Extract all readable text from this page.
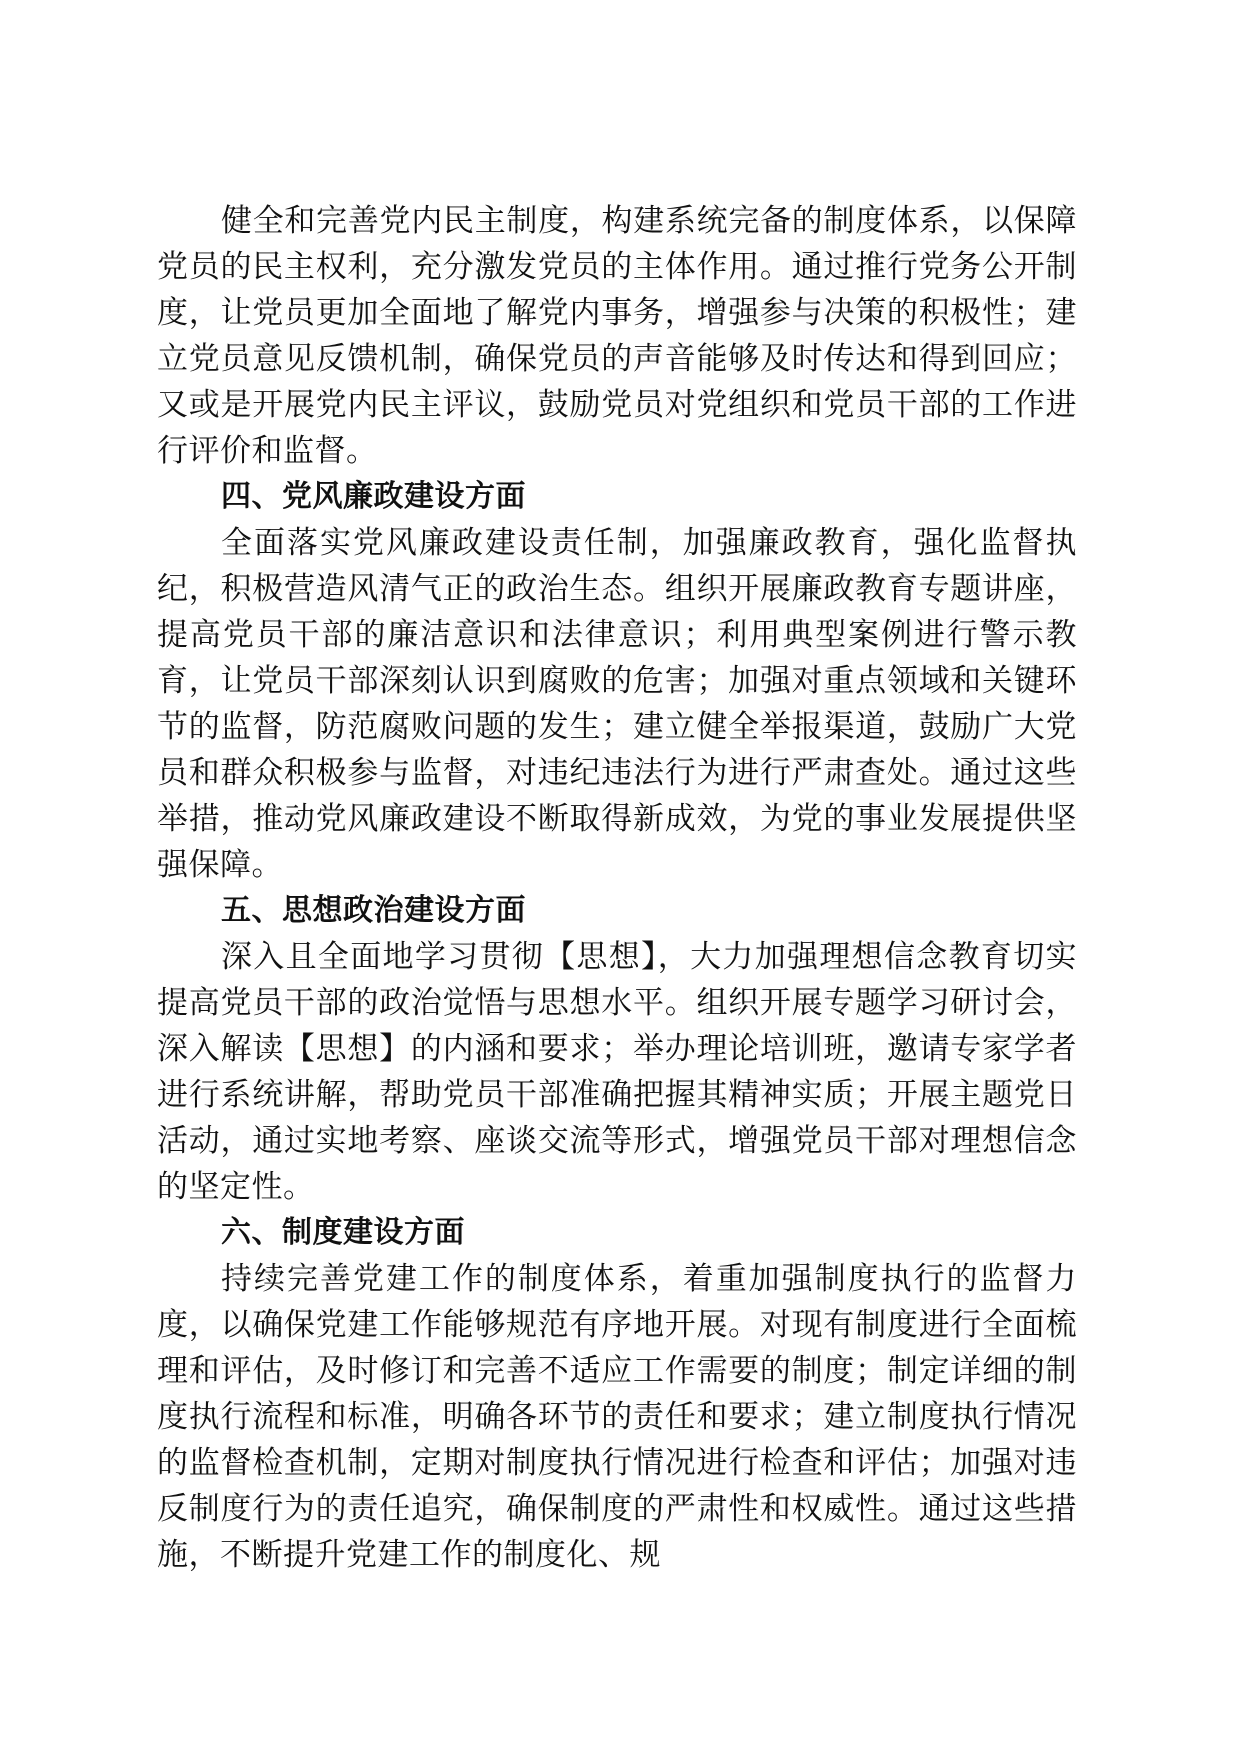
健全和完善党内民主制度，构建系统完备的制度体系，以保障党员的民主权利，充分激发党员的主体作用。通过推行党务公开制度，让党员更加全面地了解党内事务，增强参与决策的积极性；建立党员意见反馈机制，确保党员的声音能够及时传达和得到回应；又或是开展党内民主评议，鼓励党员对党组织和党员干部的工作进行评价和监督。

四、党风廉政建设方面

全面落实党风廉政建设责任制，加强廉政教育，强化监督执纪，积极营造风清气正的政治生态。组织开展廉政教育专题讲座，提高党员干部的廉洁意识和法律意识；利用典型案例进行警示教育，让党员干部深刻认识到腐败的危害；加强对重点领域和关键环节的监督，防范腐败问题的发生；建立健全举报渠道，鼓励广大党员和群众积极参与监督，对违纪违法行为进行严肃查处。通过这些举措，推动党风廉政建设不断取得新成效，为党的事业发展提供坚强保障。

五、思想政治建设方面

深入且全面地学习贯彻【思想】，大力加强理想信念教育切实提高党员干部的政治觉悟与思想水平。组织开展专题学习研讨会，深入解读【思想】的内涵和要求；举办理论培训班，邀请专家学者进行系统讲解，帮助党员干部准确把握其精神实质；开展主题党日活动，通过实地考察、座谈交流等形式，增强党员干部对理想信念的坚定性。

六、制度建设方面

持续完善党建工作的制度体系，着重加强制度执行的监督力度，以确保党建工作能够规范有序地开展。对现有制度进行全面梳理和评估，及时修订和完善不适应工作需要的制度；制定详细的制度执行流程和标准，明确各环节的责任和要求；建立制度执行情况的监督检查机制，定期对制度执行情况进行检查和评估；加强对违反制度行为的责任追究，确保制度的严肃性和权威性。通过这些措施，不断提升党建工作的制度化、规
